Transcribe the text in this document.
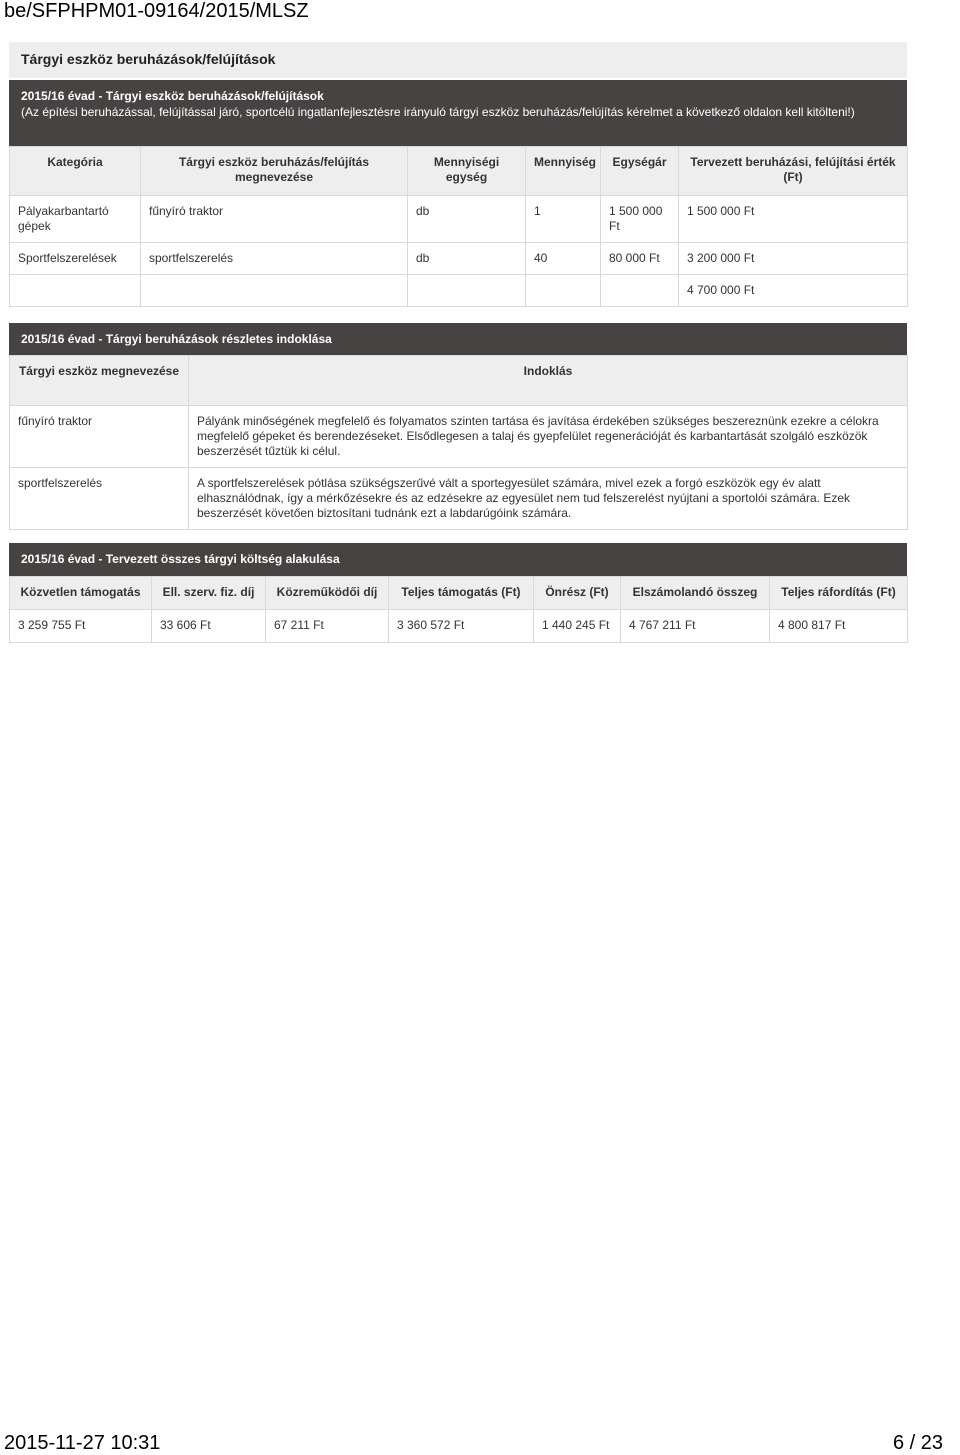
be/SFPHPM01-09164/2015/MLSZ
Tárgyi eszköz beruházások/felújítások
2015/16 évad - Tárgyi eszköz beruházások/felújítások
(Az építési beruházással, felújítással járó, sportcélú ingatlanfejlesztésre irányuló tárgyi eszköz beruházás/felújítás kérelmet a következő oldalon kell kitölteni!)
Kategória	Tárgyi eszköz beruházás/felújítás megnevezése	Mennyiségi egység	Mennyiség	Egységár	Tervezett beruházási, felújítási érték (Ft)
Pályakarbantartó gépek	fűnyíró traktor	db	1	1 500 000 Ft	1 500 000 Ft
Sportfelszerelések	sportfelszerelés	db	40	80 000 Ft	3 200 000 Ft
					4 700 000 Ft
2015/16 évad - Tárgyi beruházások részletes indoklása
Tárgyi eszköz megnevezése	Indoklás
fűnyíró traktor	Pályánk minőségének megfelelő és folyamatos szinten tartása és javítása érdekében szükséges beszereznünk ezekre a célokra megfelelő gépeket és berendezéseket. Elsődlegesen a talaj és gyepfelület regenerációját és karbantartását szolgáló eszközök beszerzését tűztük ki célul.
sportfelszerelés	A sportfelszerelések pótlása szükségszerűvé vált a sportegyesület számára, mivel ezek a forgó eszközök egy év alatt elhasználódnak, így a mérkőzésekre és az edzésekre az egyesület nem tud felszerelést nyújtani a sportolói számára. Ezek beszerzését követően biztosítani tudnánk ezt a labdarúgóink számára.
2015/16 évad - Tervezett összes tárgyi költség alakulása
Közvetlen támogatás	Ell. szerv. fiz. díj	Közreműködői díj	Teljes támogatás (Ft)	Önrész (Ft)	Elszámolandó összeg	Teljes ráfordítás (Ft)
3 259 755 Ft	33 606 Ft	67 211 Ft	3 360 572 Ft	1 440 245 Ft	4 767 211 Ft	4 800 817 Ft
2015-11-27 10:31	6 / 23
